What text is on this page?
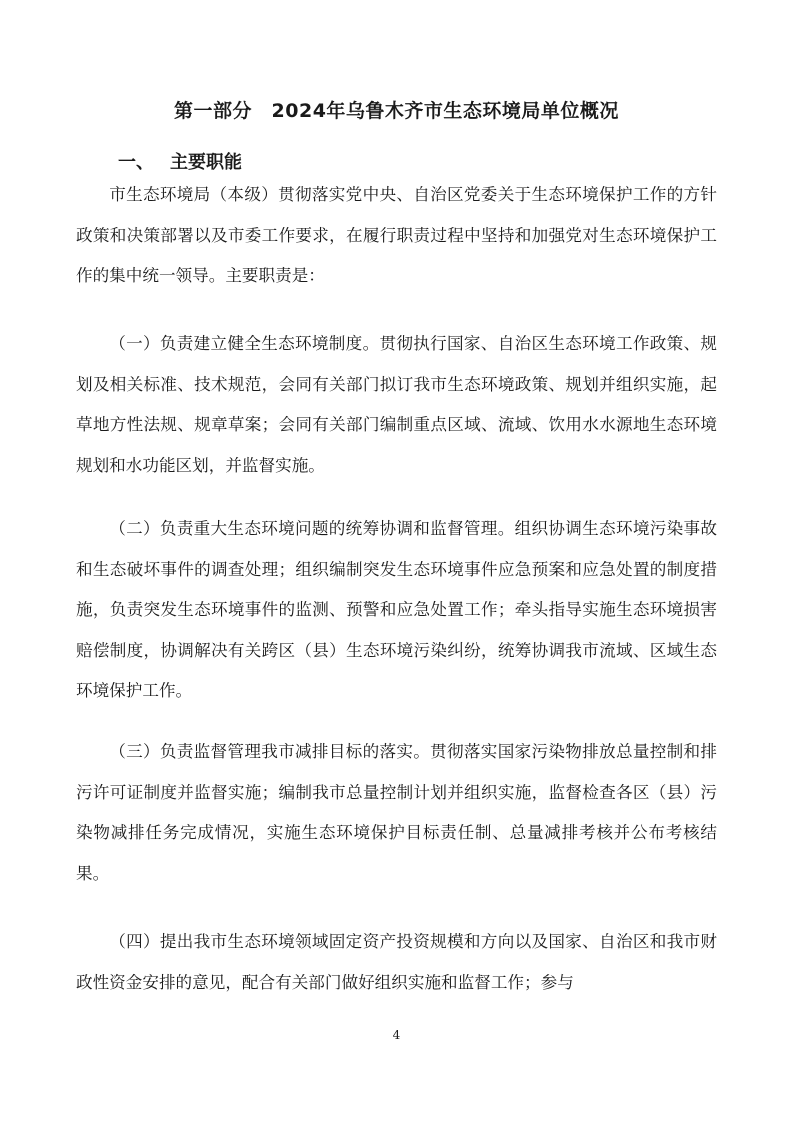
第一部分　2024年乌鲁木齐市生态环境局单位概况
一、 主要职能
市生态环境局（本级）贯彻落实党中央、自治区党委关于生态环境保护工作的方针政策和决策部署以及市委工作要求，在履行职责过程中坚持和加强党对生态环境保护工作的集中统一领导。主要职责是：
（一）负责建立健全生态环境制度。贯彻执行国家、自治区生态环境工作政策、规划及相关标准、技术规范，会同有关部门拟订我市生态环境政策、规划并组织实施，起草地方性法规、规章草案；会同有关部门编制重点区域、流域、饮用水水源地生态环境规划和水功能区划，并监督实施。
（二）负责重大生态环境问题的统筹协调和监督管理。组织协调生态环境污染事故和生态破坏事件的调查处理；组织编制突发生态环境事件应急预案和应急处置的制度措施，负责突发生态环境事件的监测、预警和应急处置工作；牵头指导实施生态环境损害赔偿制度，协调解决有关跨区（县）生态环境污染纠纷，统筹协调我市流域、区域生态环境保护工作。
（三）负责监督管理我市减排目标的落实。贯彻落实国家污染物排放总量控制和排污许可证制度并监督实施；编制我市总量控制计划并组织实施，监督检查各区（县）污染物减排任务完成情况，实施生态环境保护目标责任制、总量减排考核并公布考核结果。
（四）提出我市生态环境领域固定资产投资规模和方向以及国家、自治区和我市财政性资金安排的意见，配合有关部门做好组织实施和监督工作；参与
4
